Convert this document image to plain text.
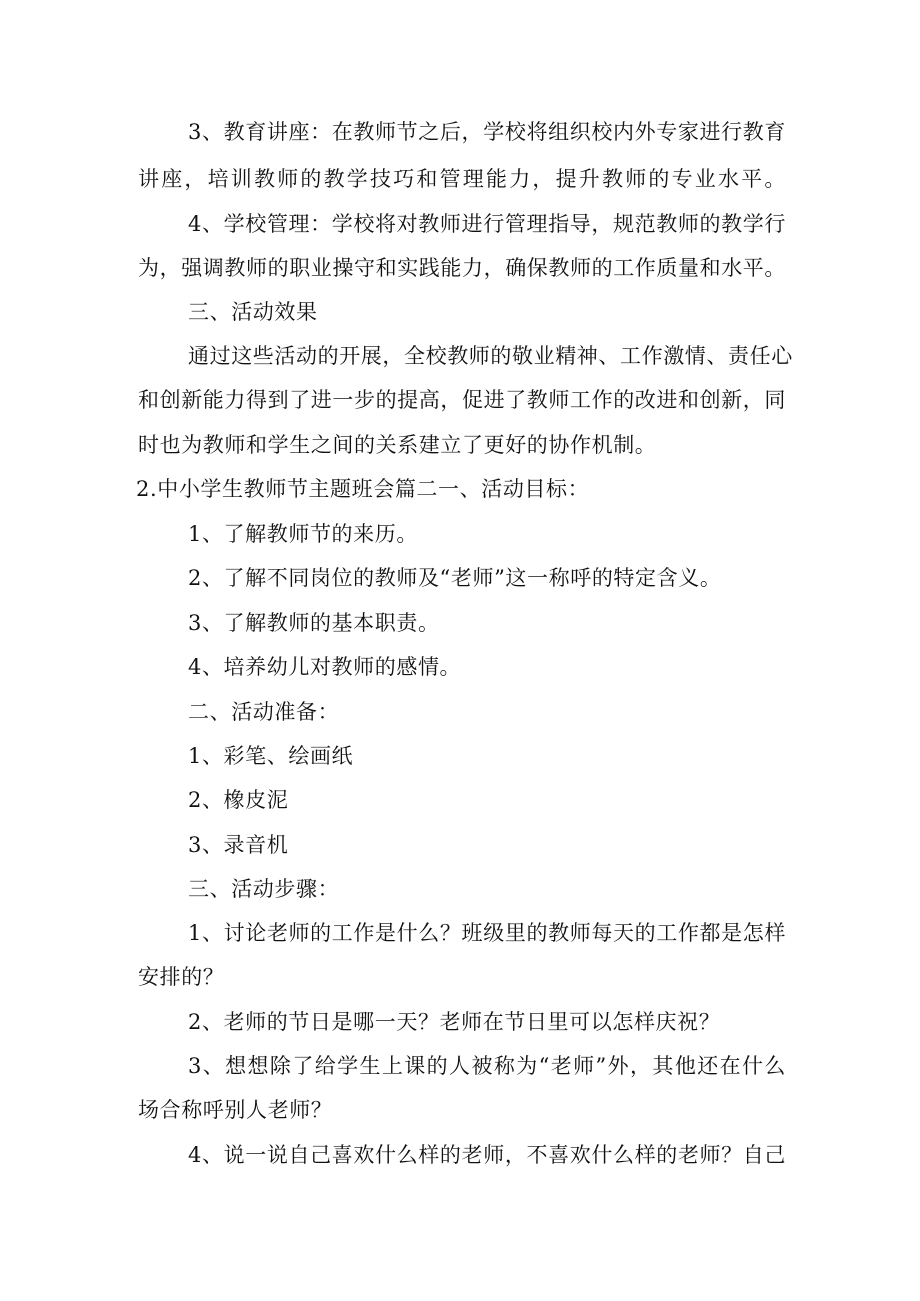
3、教育讲座：在教师节之后，学校将组织校内外专家进行教育
讲座，培训教师的教学技巧和管理能力，提升教师的专业水平。
4、学校管理：学校将对教师进行管理指导，规范教师的教学行
为，强调教师的职业操守和实践能力，确保教师的工作质量和水平。
三、活动效果
通过这些活动的开展，全校教师的敬业精神、工作激情、责任心
和创新能力得到了进一步的提高，促进了教师工作的改进和创新，同
时也为教师和学生之间的关系建立了更好的协作机制。
2.中小学生教师节主题班会篇二一、活动目标：
1、了解教师节的来历。
2、了解不同岗位的教师及“老师”这一称呼的特定含义。
3、了解教师的基本职责。
4、培养幼儿对教师的感情。
二、活动准备：
1、彩笔、绘画纸
2、橡皮泥
3、录音机
三、活动步骤：
1、讨论老师的工作是什么？班级里的教师每天的工作都是怎样
安排的？
2、老师的节日是哪一天？老师在节日里可以怎样庆祝？
3、想想除了给学生上课的人被称为“老师”外，其他还在什么
场合称呼别人老师？
4、说一说自己喜欢什么样的老师，不喜欢什么样的老师？自己
